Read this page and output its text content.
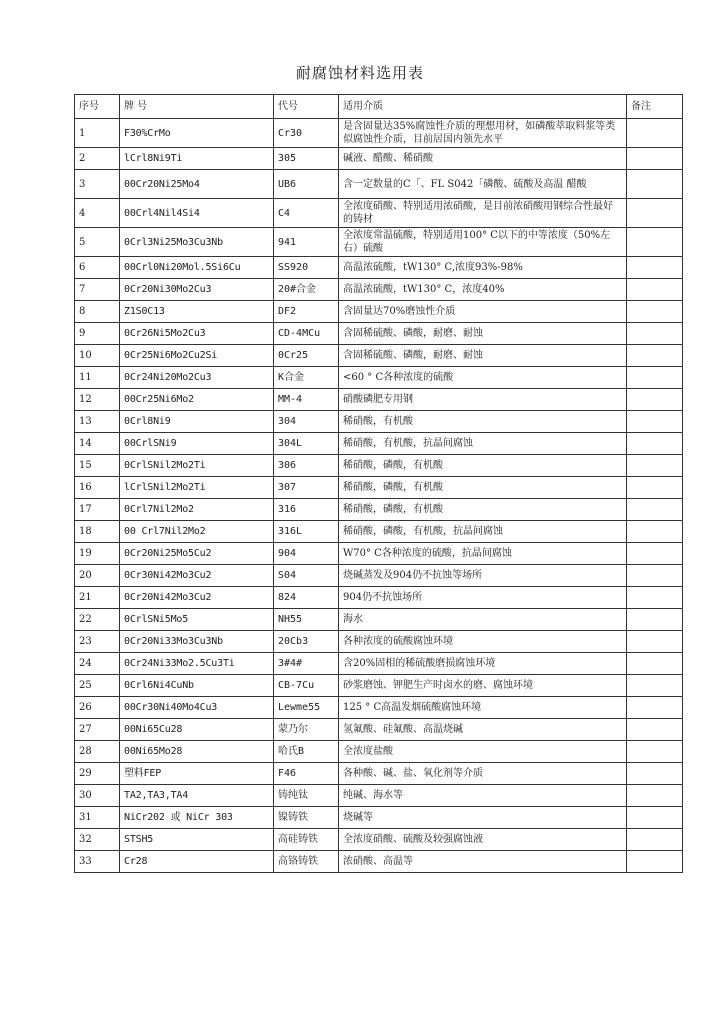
耐腐蚀材料选用表
序号	牌 号	代号	适用介质	备注
1	F30%CrMo	Cr30	是含固量达35%腐蚀性介质的理想用材，如磷酸萃取料浆等类似腐蚀性介质，目前居国内领先水平	
2	lCrl8Ni9Ti	305	碱液、醋酸、稀硝酸	
3	00Cr20Ni25Mo4	UB6	含一定数量的C「、FL S042「磷酸、硫酸及高温 醋酸	
4	00Crl4Nil4Si4	C4	全浓度硝酸、特别适用浓硝酸，是目前浓硝酸用钢综合性最好的铸材	
5	0Crl3Ni25Mo3Cu3Nb	941	全浓度常温硫酸，特别适用100° C以下的中等浓度（50%左右）硫酸	
6	00Crl0Ni20Mol.5Si6Cu	SS920	高温浓硫酸，tW130° C,浓度93%-98%	
7	0Cr20Ni30Mo2Cu3	20#合金	高温浓硫酸，tW130° C，浓度40%	
8	Z1S0C13	DF2	含固量达70%磨蚀性介质	
9	0Cr26Ni5Mo2Cu3	CD-4MCu	含固稀硫酸、磷酸，耐磨、耐蚀	
10	0Cr25Ni6Mo2Cu2Si	0Cr25	含固稀硫酸、磷酸，耐磨、耐蚀	
11	0Cr24Ni20Mo2Cu3	K合金	<60 ° C各种浓度的硫酸	
12	00Cr25Ni6Mo2	MM-4	硝酸磷肥专用钢	
13	0Crl8Ni9	304	稀硝酸，有机酸	
14	00CrlSNi9	304L	稀硝酸，有机酸，抗晶间腐蚀	
15	0CrlSNil2Mo2Ti	306	稀硝酸，磷酸，有机酸	
16	lCrlSNil2Mo2Ti	307	稀硝酸，磷酸，有机酸	
17	0Crl7Nil2Mo2	316	稀硝酸，磷酸，有机酸	
18	00 Crl7Nil2Mo2	316L	稀硝酸，磷酸，有机酸，抗晶间腐蚀	
19	0Cr20Ni25Mo5Cu2	904	W70° C各种浓度的硫酸，抗晶间腐蚀	
20	0Cr30Ni42Mo3Cu2	S04	烧碱蒸发及904仍不抗蚀等场所	
21	0Cr20Ni42Mo3Cu2	824	904仍不抗蚀场所	
22	0CrlSNi5Mo5	NH55	海水	
23	0Cr20Ni33Mo3Cu3Nb	20Cb3	各种浓度的硫酸腐蚀环境	
24	0Cr24Ni33Mo2.5Cu3Ti	3#4#	含20%固相的稀硫酸磨损腐蚀环境	
25	0Crl6Ni4CuNb	CB-7Cu	砂浆磨蚀、钾肥生产时卤水的磨、腐蚀环境	
26	00Cr30Ni40Mo4Cu3	Lewme55	125 ° C高温发烟硫酸腐蚀环境	
27	00Ni65Cu28	蒙乃尔	氢氟酸、硅氟酸、高温烧碱	
28	00Ni65Mo28	哈氏B	全浓度盐酸	
29	塑料FEP	F46	各种酸、碱、盐、氧化剂等介质	
30	TA2,TA3,TA4	铸纯钛	纯碱、海水等	
31	NiCr202 或 NiCr 303	镍铸铁	烧碱等	
32	STSH5	高硅铸铁	全浓度硝酸、硫酸及较强腐蚀液	
33	Cr28	高铬铸铁	浓硝酸、高温等	
